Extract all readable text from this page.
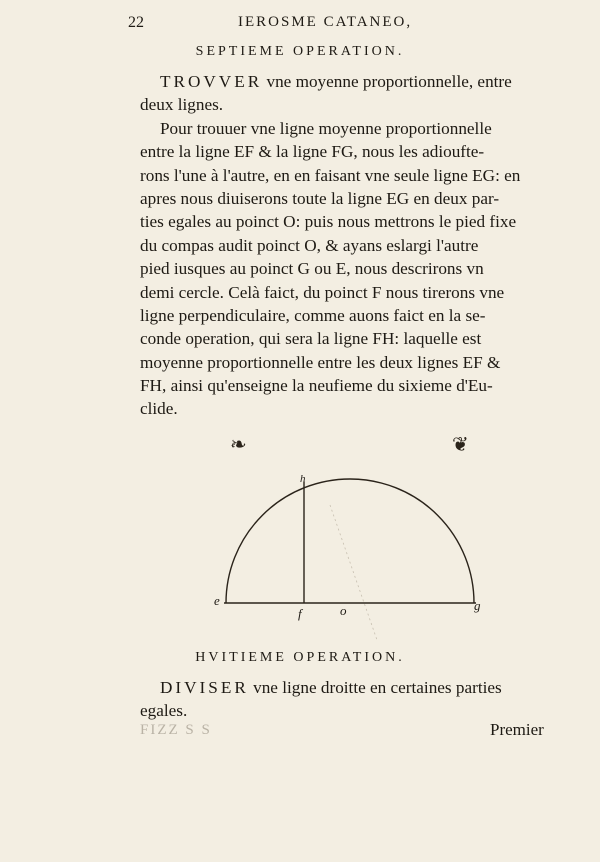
22	IEROSME CATANEO,
SEPTIEME OPERATION.
TROVVER vne moyenne proportionnelle, entre
deux lignes.
Pour trouuer vne ligne moyenne proportionnelle
entre la ligne EF & la ligne FG, nous les adioufte-
rons l'une à l'autre, en en faisant vne seule ligne EG: en
apres nous diuiserons toute la ligne EG en deux par-
ties egales au poinct O: puis nous mettrons le pied fixe
du compas audit poinct O, & ayans eslargi l'autre
pied iusques au poinct G ou E, nous descrirons vn
demi cercle. Celà faict, du poinct F nous tirerons vne
ligne perpendiculaire, comme auons faict en la se-
conde operation, qui sera la ligne FH: laquelle est
moyenne proportionnelle entre les deux lignes EF &
FH, ainsi qu'enseigne la neufieme du sixieme d'Eu-
clide.
❧	❦
e
f	o	g
h
HVITIEME OPERATION.
DIVISER vne ligne droitte en certaines parties
egales.
FIZZ S S	Premier
